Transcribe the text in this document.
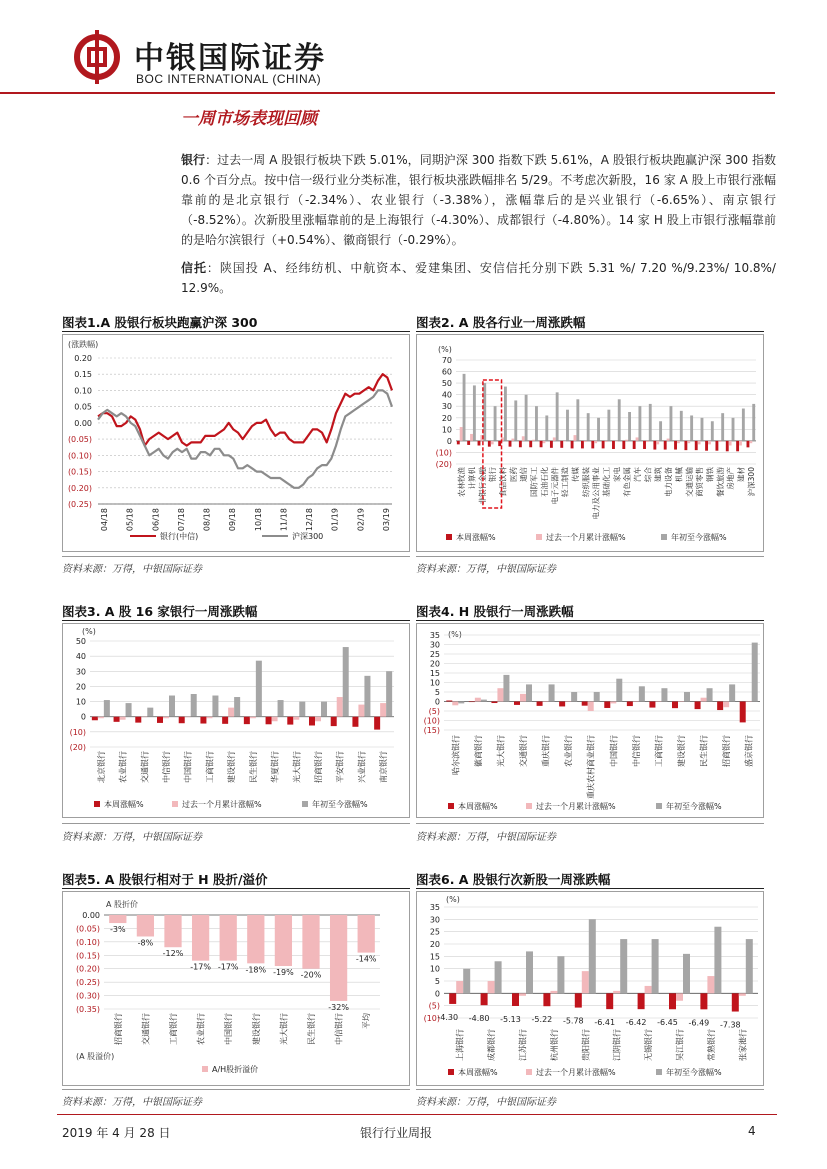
中银国际证券
BOC INTERNATIONAL (CHINA)
一周市场表现回顾
银行：过去一周 A 股银行板块下跌 5.01%，同期沪深 300 指数下跌 5.61%，A 股银行板块跑赢沪深 300 指数 0.6 个百分点。按中信一级行业分类标准，银行板块涨跌幅排名 5/29。不考虑次新股，16 家 A 股上市银行涨幅靠前的是北京银行（-2.34%）、农业银行（-3.38%），涨幅靠后的是兴业银行（-6.65%）、南京银行（-8.52%）。次新股里涨幅靠前的是上海银行（-4.30%）、成都银行（-4.80%）。14 家 H 股上市银行涨幅靠前的是哈尔滨银行（+0.54%）、徽商银行（-0.29%）。
信托：陕国投 A、经纬纺机、中航资本、爱建集团、安信信托分别下跌 5.31 %/ 7.20 %/9.23%/ 10.8%/ 12.9%。
图表1.A 股银行板块跑赢沪深 300	图表2. A 股各行业一周涨跌幅
图表3. A 股 16 家银行一周涨跌幅	图表4. H 股银行一周涨跌幅
图表5. A 股银行相对于 H 股折/溢价	图表6. A 股银行次新股一周涨跌幅
(涨跌幅)
0.20
0.15
0.10
0.05
0.00
(0.05)
(0.10)
(0.15)
(0.20)
(0.25)
04/18 05/18 06/18 07/18 08/18 09/18 10/18 11/18 12/18 01/19 02/19 03/19
银行(中信)	沪深300
(%)
70
60
50
40
30
20
10
0
(10)
(20)
农林牧渔 计算机 非银行金融 银行 食品饮料 医药 通信 国防军工 石油石化 电子元器件 轻工制造 传媒 纺织服装 电力及公用事业 基础化工 家电 有色金属 汽车 综合 建筑 电力设备 机械 交通运输 商贸零售 钢铁 餐饮旅游 房地产 建材 沪深300
本周涨幅%	过去一个月累计涨幅%	年初至今涨幅%
(%)
50
40
30
20
10
0
(10)
(20)
北京银行 农业银行 交通银行 中信银行 中国银行 工商银行 建设银行 民生银行 华夏银行 光大银行 招商银行 平安银行 兴业银行 南京银行
本周涨幅%	过去一个月累计涨幅%	年初至今涨幅%
(%)
35
30
25
20
15
10
5
0
(5)
(10)
(15)
哈尔滨银行 徽商银行 光大银行 交通银行 重庆银行 农业银行 重庆农村商业银行 中国银行 中信银行 工商银行 建设银行 民生银行 招商银行 盛京银行
本周涨幅%	过去一个月累计涨幅%	年初至今涨幅%
A 股折价
0.00
(0.05)
(0.10)
(0.15)
(0.20)
(0.25)
(0.30)
(0.35)
招商银行
-3%
交通银行
-8%
工商银行
-12%
农业银行
-17%
中国银行
-17%
建设银行
-18%
光大银行
-19%
民生银行
-20%
中信银行
-32%
平均
-14%
A/H股折溢价
(A 股溢价)
(%)
35
30
25
20
15
10
5
0
(5)
(10)
上海银行
-4.30
成都银行
-4.80
江苏银行
-5.13
杭州银行
-5.22
贵阳银行
-5.78
江阴银行
-6.41
无锡银行
-6.42
吴江银行
-6.45
常熟银行
-6.49
张家港行
-7.38
本周涨幅%	过去一个月累计涨幅%	年初至今涨幅%
资料来源：万得，中银国际证券	资料来源：万得，中银国际证券
资料来源：万得，中银国际证券	资料来源：万得，中银国际证券
资料来源：万得，中银国际证券	资料来源：万得，中银国际证券
2019 年 4 月 28 日	银行行业周报	4
